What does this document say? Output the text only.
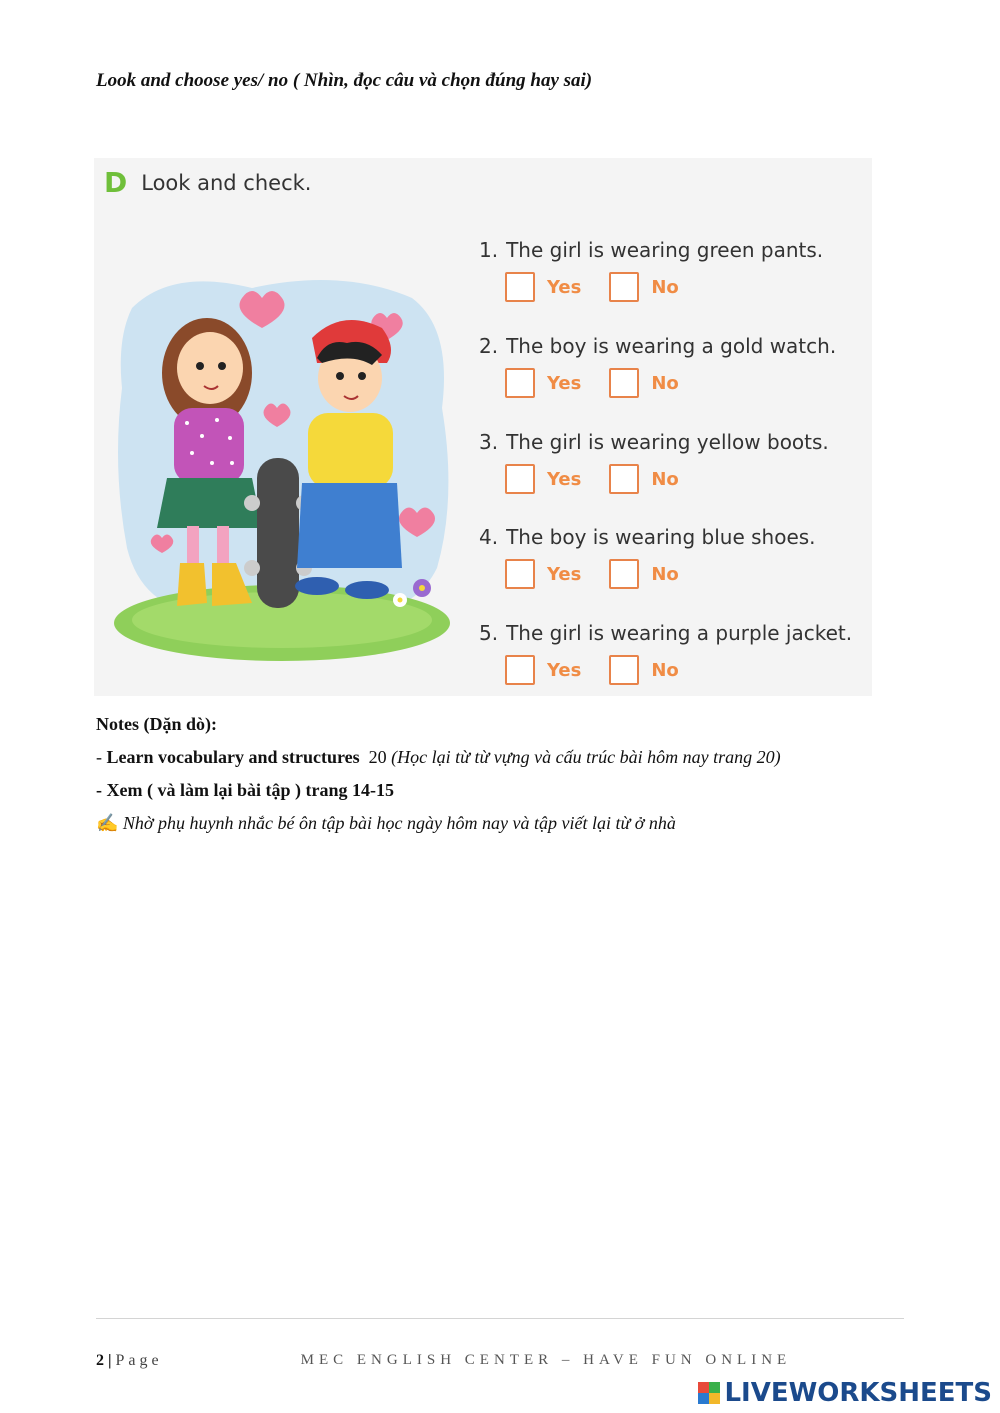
Look and choose yes/ no ( Nhìn, đọc câu và chọn đúng hay sai)
D Look and check.
1. The girl is wearing green pants.
Yes	No
2. The boy is wearing a gold watch.
Yes	No
3. The girl is wearing yellow boots.
Yes	No
4. The boy is wearing blue shoes.
Yes	No
5. The girl is wearing a purple jacket.
Yes	No
Notes (Dặn dò):
- Learn vocabulary and structures 20 (Học lại từ từ vựng và cấu trúc bài hôm nay trang 20)
- Xem ( và làm lại bài tập ) trang 14-15
✍ Nhờ phụ huynh nhắc bé ôn tập bài học ngày hôm nay và tập viết lại từ ở nhà
2 | Page	MEC ENGLISH CENTER – HAVE FUN ONLINE
LIVEWORKSHEETS
